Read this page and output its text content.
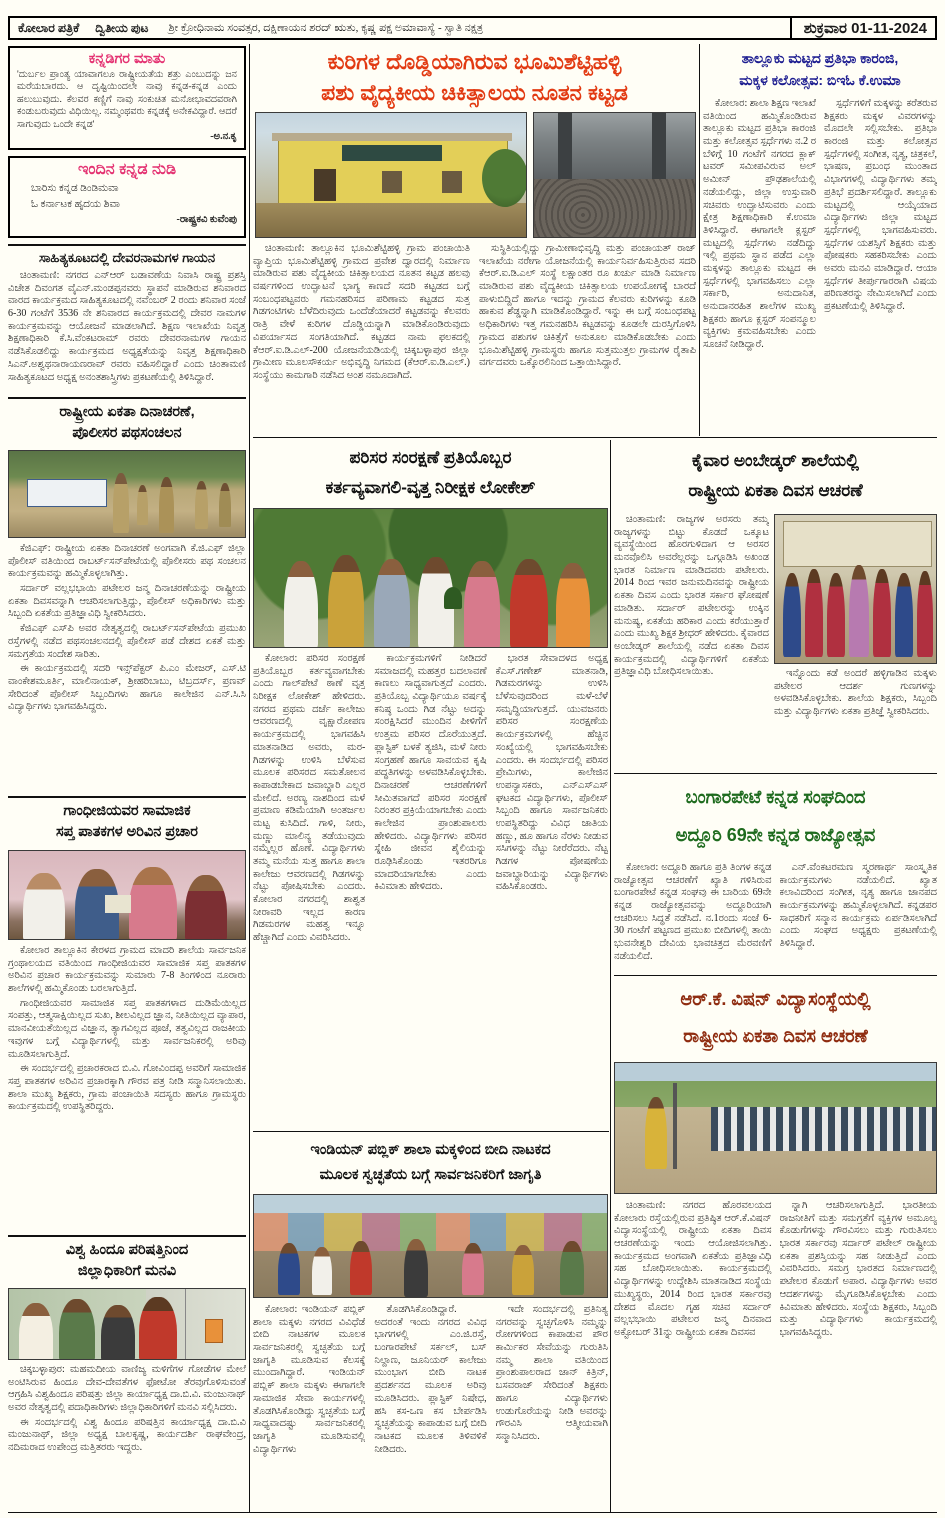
ಕೋಲಾರ ಪತ್ರಿಕೆ ದ್ವಿತೀಯ ಪುಟ ಶ್ರೀ ಕ್ರೋಧಿನಾಮ ಸಂವತ್ಸರ, ದಕ್ಷಿಣಾಯನ ಶರದ್ ಋತು, ಕೃಷ್ಣ ಪಕ್ಷ ಅಮಾವಾಸ್ಯೆ - ಸ್ವಾತಿ ನಕ್ಷತ್ರ	ಶುಕ್ರವಾರ 01-11-2024
ಕನ್ನಡಿಗರ ಮಾತು
'ದುರ್ಬಲ ಪ್ರಾಂತ್ಯ ಯಾವಾಗಲೂ ರಾಷ್ಟ್ರೀಯತೆಯ ಶತ್ರು ಎಂಬುದನ್ನು ಜನ ಮರೆಯಬಾರದು. ಆ ದೃಷ್ಟಿಯಿಂದಲೇ ನಾವು ಕನ್ನಡ-ಕನ್ನಡ ಎಂದು ಹಲುಬುವುದು. ಕೆಲವರ ಕಣ್ಣಿಗೆ ನಾವು ಸಂಕುಚಿತ ಮನೋಭಾವದವರಾಗಿ ಕಂಡುಬರುವುದು ವಿಧಿಯಿಲ್ಲ. ನಮ್ಮಂಥವರು ಕನ್ನಡಕ್ಕೆ ಅನೇಕವಿದ್ದಾರೆ. ಆದರೆ ಸಾಗುವುದು ಒಂದೇ ಕನ್ನಡ'
-ಅ.ನ.ಕೃ
ಇಂದಿನ ಕನ್ನಡ ನುಡಿ
ಬಾರಿಸು ಕನ್ನಡ ಡಿಂಡಿಮವಾ
ಓ ಕರ್ನಾಟಕ ಹೃದಯ ಶಿವಾ
-ರಾಷ್ಟ್ರಕವಿ ಕುವೆಂಪು
ಸಾಹಿತ್ಯಕೂಟದಲ್ಲಿ ದೇವರನಾಮಗಳ ಗಾಯನ

ಚಿಂತಾಮಣಿ: ನಗರದ ಎನ್‌ಆರ್ ಬಡಾವಣೆಯ ನಿವಾಸಿ ರಾಷ್ಟ್ರ ಪ್ರಶಸ್ತಿ ವಿಜೇತ ದಿವಂಗತ ವೈಎನ್.ಮಂಡಪ್ಪನವರು ಸ್ಥಾಪನೆ ಮಾಡಿರುವ ಶನಿವಾರದ ವಾರದ ಕಾರ್ಯಕ್ರಮದ ಸಾಹಿತ್ಯಕೂಟದಲ್ಲಿ ನವೆಂಬರ್ 2 ರಂದು ಶನಿವಾರ ಸಂಜೆ 6-30 ಗಂಟೆಗೆ 3536 ನೇ ಶನಿವಾರದ ಕಾರ್ಯಕ್ರಮದಲ್ಲಿ ದೇವರ ನಾಮಗಳ ಕಾರ್ಯಕ್ರಮವನ್ನು ಆಯೋಜನೆ ಮಾಡಲಾಗಿದೆ. ಶಿಕ್ಷಣ ಇಲಾಖೆಯ ನಿವೃತ್ತ ಶಿಕ್ಷಣಾಧಿಕಾರಿ ಕೆ.ಸಿ.ವೆಂಕಟರಾಮ್ ರವರು ದೇವರನಾಮಗಳ ಗಾಯನ ನಡೆಸಿಕೊಡಲಿದ್ದು ಕಾರ್ಯಕ್ರಮದ ಅಧ್ಯಕ್ಷತೆಯನ್ನು ನಿವೃತ್ತ ಶಿಕ್ಷಣಾಧಿಕಾರಿ ಸಿಎನ್.ಅಶ್ವಥನಾರಾಯಣರಾವ್ ರವರು ವಹಿಸಲಿದ್ದಾರೆ ಎಂದು ಚಿಂತಾಮಣಿ ಸಾಹಿತ್ಯಕೂಟದ ಅಧ್ಯಕ್ಷ ಅನಂತಶಾಸ್ತ್ರಿಗಳು ಪ್ರಕಟಣೆಯಲ್ಲಿ ತಿಳಿಸಿದ್ದಾರೆ.

ರಾಷ್ಟ್ರೀಯ ಏಕತಾ ದಿನಾಚರಣೆ,
ಪೊಲೀಸರ ಪಥಸಂಚಲನ

ಕೆಜಿಎಫ್: ರಾಷ್ಟ್ರೀಯ ಏಕತಾ ದಿನಾಚರಣೆ ಅಂಗವಾಗಿ ಕೆ.ಜಿ.ಎಫ್ ಜಿಲ್ಲಾ ಪೊಲೀಸ್ ವತಿಯಿಂದ ರಾಬರ್ಟ್‌ಸನ್‌ಪೇಟೆಯಲ್ಲಿ ಪೊಲೀಸರು ಪಥ ಸಂಚಲನ ಕಾರ್ಯಕ್ರಮವನ್ನು ಹಮ್ಮಿಕೊಳ್ಳಲಾಗಿತ್ತು.

ಸರ್ದಾರ್ ವಲ್ಲಭಭಾಯಿ ಪಟೇಲರ ಜನ್ಮ ದಿನಾಚರಣೆಯನ್ನು ರಾಷ್ಟ್ರೀಯ ಏಕತಾ ದಿವಸವನ್ನಾಗಿ ಆಚರಿಸಲಾಗುತ್ತಿದ್ದು, ಪೊಲೀಸ್ ಅಧಿಕಾರಿಗಳು ಮತ್ತು ಸಿಬ್ಬಂದಿ ಏಕತೆಯ ಪ್ರತಿಜ್ಞಾವಿಧಿ ಸ್ವೀಕರಿಸಿದರು.

ಕೆಜಿಎಫ್ ಎಸ್‌ಪಿ ಅವರ ನೇತೃತ್ವದಲ್ಲಿ ರಾಬರ್ಟ್‌ಸನ್‌ಪೇಟೆಯ ಪ್ರಮುಖ ರಸ್ತೆಗಳಲ್ಲಿ ನಡೆದ ಪಥಸಂಚಲನದಲ್ಲಿ ಪೊಲೀಸ್ ಪಡೆ ದೇಶದ ಏಕತೆ ಮತ್ತು ಸಮಗ್ರತೆಯ ಸಂದೇಶ ಸಾರಿತು.

ಈ ಕಾರ್ಯಕ್ರಮದಲ್ಲಿ ಸದರಿ ಇನ್ಸ್‌ಪೆಕ್ಟರ್ ಪಿ.ಎಂ ಮೇಜರ್, ಎಸ್.ಟಿ ವಾಂಕೇಶಮೂರ್ತಿ, ಮಾಲಿನಾಯಕ್, ಶ್ರೀಹರಿಬಾಬು, ಟಿಬ್ರದರ್ಸ್, ಪ್ರಣವ್ ಸೇರಿದಂತೆ ಪೊಲೀಸ್ ಸಿಬ್ಬಂದಿಗಳು ಹಾಗೂ ಕಾಲೇಜಿನ ಎನ್.ಸಿ.ಸಿ ವಿದ್ಯಾರ್ಥಿಗಳು ಭಾಗವಹಿಸಿದ್ದರು.

ಗಾಂಧೀಜಿಯವರ ಸಾಮಾಜಿಕ
ಸಪ್ತ ಪಾತಕಗಳ ಅರಿವಿನ ಪ್ರಚಾರ

ಕೋಲಾರ ತಾಲ್ಲೂಕಿನ ಕೇರಳದ ಗ್ರಾಮದ ಮಾದರಿ ಶಾಲೆಯ ಸಾರ್ವಜನಿಕ ಗ್ರಂಥಾಲಯದ ವತಿಯಿಂದ ಗಾಂಧೀಜಿಯವರ ಸಾಮಾಜಿಕ ಸಪ್ತ ಪಾತಕಗಳ ಅರಿವಿನ ಪ್ರಚಾರ ಕಾರ್ಯಕ್ರಮವನ್ನು ಸುಮಾರು 7-8 ತಿಂಗಳಿಂದ ನೂರಾರು ಶಾಲೆಗಳಲ್ಲಿ ಹಮ್ಮಿಕೊಂಡು ಬರಲಾಗುತ್ತಿದೆ.

ಗಾಂಧೀಜಿಯವರ ಸಾಮಾಜಿಕ ಸಪ್ತ ಪಾತಕಗಳಾದ ದುಡಿಮೆಯಿಲ್ಲದ ಸಂಪತ್ತು, ಆತ್ಮಸಾಕ್ಷಿಯಿಲ್ಲದ ಸುಖ, ಶೀಲವಿಲ್ಲದ ಜ್ಞಾನ, ನೀತಿಯಿಲ್ಲದ ವ್ಯಾಪಾರ, ಮಾನವೀಯತೆಯಿಲ್ಲದ ವಿಜ್ಞಾನ, ತ್ಯಾಗವಿಲ್ಲದ ಪೂಜೆ, ತತ್ವವಿಲ್ಲದ ರಾಜಕೀಯ ಇವುಗಳ ಬಗ್ಗೆ ವಿದ್ಯಾರ್ಥಿಗಳಲ್ಲಿ ಮತ್ತು ಸಾರ್ವಜನಿಕರಲ್ಲಿ ಅರಿವು ಮೂಡಿಸಲಾಗುತ್ತಿದೆ.

ಈ ಸಂದರ್ಭದಲ್ಲಿ ಪ್ರಚಾರಕರಾದ ಬಿ.ವಿ. ಗೋವಿಂದಪ್ಪ ಅವರಿಗೆ ಸಾಮಾಜಿಕ ಸಪ್ತ ಪಾತಕಗಳ ಅರಿವಿನ ಪ್ರಚಾರಕ್ಕಾಗಿ ಗೌರವ ಪತ್ರ ನೀಡಿ ಸನ್ಮಾನಿಸಲಾಯಿತು. ಶಾಲಾ ಮುಖ್ಯ ಶಿಕ್ಷಕರು, ಗ್ರಾಮ ಪಂಚಾಯಿತಿ ಸದಸ್ಯರು ಹಾಗೂ ಗ್ರಾಮಸ್ಥರು ಕಾರ್ಯಕ್ರಮದಲ್ಲಿ ಉಪಸ್ಥಿತರಿದ್ದರು.

ವಿಶ್ವ ಹಿಂದೂ ಪರಿಷತ್ತಿನಿಂದ
ಜಿಲ್ಲಾಧಿಕಾರಿಗೆ ಮನವಿ

ಚಿಕ್ಕಬಳ್ಳಾಪುರ: ಮಹಮದೀಯ ವಾಣಿಜ್ಯ ಮಳಿಗೆಗಳ ಗೋಡೆಗಳ ಮೇಲೆ ಅಂಟಿಸಿರುವ ಹಿಂದೂ ದೇವ-ದೇವತೆಗಳ ಫೋಟೋ ತೆರವುಗೊಳಿಸುವಂತೆ ಆಗ್ರಹಿಸಿ ವಿಶ್ವಹಿಂದೂ ಪರಿಷತ್ತು ಜಿಲ್ಲಾ ಕಾರ್ಯಾಧ್ಯಕ್ಷ ದಾ.ಬಿ.ವಿ. ಮಂಜುನಾಥ್ ಅವರ ನೇತೃತ್ವದಲ್ಲಿ ಪದಾಧಿಕಾರಿಗಳು ಜಿಲ್ಲಾಧಿಕಾರಿಗಳಿಗೆ ಮನವಿ ಸಲ್ಲಿಸಿದರು.

ಈ ಸಂದರ್ಭದಲ್ಲಿ ವಿಶ್ವ ಹಿಂದೂ ಪರಿಷತ್ತಿನ ಕಾರ್ಯಾಧ್ಯಕ್ಷ ದಾ.ಬಿ.ವಿ ಮಂಜುನಾಥ್, ಜಿಲ್ಲಾ ಅಧ್ಯಕ್ಷ ಬಾಲಕೃಷ್ಣ, ಕಾರ್ಯದರ್ಶಿ ರಾಘವೇಂದ್ರ, ನದಿಮರಾದ ಉಪೇಂದ್ರ ಮತ್ತಿತರರು ಇದ್ದರು.

ಕುರಿಗಳ ದೊಡ್ಡಿಯಾಗಿರುವ ಭೂಮಿಶೆಟ್ಟಿಹಳ್ಳಿ
ಪಶು ವೈದ್ಯಕೀಯ ಚಿಕಿತ್ಸಾಲಯ ನೂತನ ಕಟ್ಟಡ
ಚಿಂತಾಮಣಿ: ತಾಲ್ಲೂಕಿನ ಭೂಮಿಶೆಟ್ಟಿಹಳ್ಳಿ ಗ್ರಾಮ ಪಂಚಾಯಿತಿ ವ್ಯಾಪ್ತಿಯ ಭೂಮಿಶೆಟ್ಟಿಹಳ್ಳಿ ಗ್ರಾಮದ ಪ್ರವೇಶ ದ್ವಾರದಲ್ಲಿ ನಿರ್ಮಾಣ ಮಾಡಿರುವ ಪಶು ವೈದ್ಯಕೀಯ ಚಿಕಿತ್ಸಾಲಯದ ನೂತನ ಕಟ್ಟಡ ಹಲವು ವರ್ಷಗಳಿಂದ ಉದ್ಘಾಟನೆ ಭಾಗ್ಯ ಕಾಣದೆ ಸದರಿ ಕಟ್ಟಡದ ಬಗ್ಗೆ ಸಂಬಂಧಪಟ್ಟವರು ಗಮನಹರಿಸದ ಪರಿಣಾಮ ಕಟ್ಟಡದ ಸುತ್ತ ಗಿಡಗಂಟಿಗಳು ಬೆಳೆದಿರುವುದು ಒಂದೆಡೆಯಾದರೆ ಕಟ್ಟಡವನ್ನು ಕೆಲವರು ರಾತ್ರಿ ವೇಳೆ ಕುರಿಗಳ ದೊಡ್ಡಿಯನ್ನಾಗಿ ಮಾಡಿಕೊಂಡಿರುವುದು ವಿಪರ್ಯಾಸದ ಸಂಗತಿಯಾಗಿದೆ. ಕಟ್ಟಡದ ನಾಮ ಫಲಕದಲ್ಲಿ ಕೆಆರ್.ಐ.ಡಿ.ಎಲ್-200 ಯೋಜನೆಯಡಿಯಲ್ಲಿ ಚಿಕ್ಕಬಳ್ಳಾಪುರ ಜಿಲ್ಲಾ ಗ್ರಾಮೀಣ ಮೂಲಸೌಕರ್ಯ ಅಭಿವೃದ್ಧಿ ನಿಗಮದ (ಕೆಆರ್.ಐ.ಡಿ.ಎಲ್.) ಸಂಸ್ಥೆಯು ಕಾಮಗಾರಿ ನಡೆಸಿದ ಅಂಶ ನಮೂದಾಗಿದೆ.
ಸುಸ್ಥಿತಿಯಲ್ಲಿದ್ದು ಗ್ರಾಮೀಣಾಭಿವೃದ್ಧಿ ಮತ್ತು ಪಂಚಾಯತ್ ರಾಜ್ ಇಲಾಖೆಯ ನರೇಗಾ ಯೋಜನೆಯಲ್ಲಿ ಕಾರ್ಯನಿರ್ವಹಿಸುತ್ತಿರುವ ಸದರಿ ಕೆಆರ್.ಐ.ಡಿ.ಎಲ್ ಸಂಸ್ಥೆ ಲಕ್ಷಾಂತರ ರೂ ಖರ್ಚು ಮಾಡಿ ನಿರ್ಮಾಣ ಮಾಡಿರುವ ಪಶು ವೈದ್ಯಕೀಯ ಚಿಕಿತ್ಸಾಲಯ ಉಪಯೋಗಕ್ಕೆ ಬಾರದೆ ಪಾಳುಬಿದ್ದಿದೆ ಹಾಗೂ ಇದನ್ನು ಗ್ರಾಮದ ಕೆಲವರು ಕುರಿಗಳನ್ನು ಕೂಡಿ ಹಾಕುವ ಶೆಡ್ಡನ್ನಾಗಿ ಮಾಡಿಕೊಂಡಿದ್ದಾರೆ. ಇನ್ನು ಈ ಬಗ್ಗೆ ಸಂಬಂಧಪಟ್ಟ ಅಧಿಕಾರಿಗಳು ಇತ್ತ ಗಮನಹರಿಸಿ ಕಟ್ಟಡವನ್ನು ಕೂಡಲೇ ದುರಸ್ತಿಗೊಳಿಸಿ ಗ್ರಾಮದ ಪಶುಗಳ ಚಿಕಿತ್ಸೆಗೆ ಅನುಕೂಲ ಮಾಡಿಕೊಡಬೇಕು ಎಂದು ಭೂಮಿಶೆಟ್ಟಿಹಳ್ಳಿ ಗ್ರಾಮಸ್ಥರು ಹಾಗೂ ಸುತ್ತಮುತ್ತಲ ಗ್ರಾಮಗಳ ರೈತಾಪಿ ವರ್ಗದವರು ಒಕ್ಕೊರಲಿನಿಂದ ಒತ್ತಾಯಿಸಿದ್ದಾರೆ.
ತಾಲ್ಲೂಕು ಮಟ್ಟದ ಪ್ರತಿಭಾ ಕಾರಂಜಿ,
ಮಕ್ಕಳ ಕಲೋತ್ಸವ: ಬಿಇಓ ಕೆ.ಉಮಾ
ಕೋಲಾರ: ಶಾಲಾ ಶಿಕ್ಷಣ ಇಲಾಖೆ ವತಿಯಿಂದ ಹಮ್ಮಿಕೊಂಡಿರುವ ತಾಲ್ಲೂಕು ಮಟ್ಟದ ಪ್ರತಿಭಾ ಕಾರಂಜಿ ಮತ್ತು ಕಲೋತ್ಸವ ಸ್ಪರ್ಧೆಗಳು ನ.2 ರ ಬೆಳಿಗ್ಗೆ 10 ಗಂಟೆಗೆ ನಗರದ ಕ್ಲಾಕ್ ಟವರ್ ಸಮೀಪವಿರುವ ಅಲ್ ಅಮೀನ್ ಪ್ರೌಢಶಾಲೆಯಲ್ಲಿ ನಡೆಯಲಿದ್ದು, ಜಿಲ್ಲಾ ಉಸ್ತುವಾರಿ ಸಚಿವರು ಉದ್ಘಾಟಿಸುವರು ಎಂದು ಕ್ಷೇತ್ರ ಶಿಕ್ಷಣಾಧಿಕಾರಿ ಕೆ.ಉಮಾ ತಿಳಿಸಿದ್ದಾರೆ. ಈಗಾಗಲೇ ಕ್ಲಸ್ಟರ್ ಮಟ್ಟದಲ್ಲಿ ಸ್ಪರ್ಧೆಗಳು ನಡೆದಿದ್ದು ಇಲ್ಲಿ ಪ್ರಥಮ ಸ್ಥಾನ ಪಡೆದ ಎಲ್ಲಾ ಮಕ್ಕಳನ್ನು ತಾಲ್ಲೂಕು ಮಟ್ಟದ ಈ ಸ್ಪರ್ಧೆಗಳಲ್ಲಿ ಭಾಗವಹಿಸಲು ಎಲ್ಲಾ ಸರ್ಕಾರಿ, ಅನುದಾನಿತ, ಅನುದಾನರಹಿತ ಶಾಲೆಗಳ ಮುಖ್ಯ ಶಿಕ್ಷಕರು ಹಾಗೂ ಕ್ಲಸ್ಟರ್ ಸಂಪನ್ಮೂಲ ವ್ಯಕ್ತಿಗಳು ಕ್ರಮವಹಿಸಬೇಕು ಎಂದು ಸೂಚನೆ ನೀಡಿದ್ದಾರೆ.
ಸ್ಪರ್ಧೆಗಳಿಗೆ ಮಕ್ಕಳನ್ನು ಕರೆತರುವ ಶಿಕ್ಷಕರು ಮಕ್ಕಳ ವಿವರಗಳನ್ನು ಮೊದಲೇ ಸಲ್ಲಿಸಬೇಕು. ಪ್ರತಿಭಾ ಕಾರಂಜಿ ಮತ್ತು ಕಲೋತ್ಸವ ಸ್ಪರ್ಧೆಗಳಲ್ಲಿ ಸಂಗೀತ, ನೃತ್ಯ, ಚಿತ್ರಕಲೆ, ಭಾಷಣ, ಪ್ರಬಂಧ ಮುಂತಾದ ವಿಭಾಗಗಳಲ್ಲಿ ವಿದ್ಯಾರ್ಥಿಗಳು ತಮ್ಮ ಪ್ರತಿಭೆ ಪ್ರದರ್ಶಿಸಲಿದ್ದಾರೆ. ತಾಲ್ಲೂಕು ಮಟ್ಟದಲ್ಲಿ ಆಯ್ಕೆಯಾದ ವಿದ್ಯಾರ್ಥಿಗಳು ಜಿಲ್ಲಾ ಮಟ್ಟದ ಸ್ಪರ್ಧೆಗಳಲ್ಲಿ ಭಾಗವಹಿಸುವರು. ಸ್ಪರ್ಧೆಗಳ ಯಶಸ್ಸಿಗೆ ಶಿಕ್ಷಕರು ಮತ್ತು ಪೋಷಕರು ಸಹಕರಿಸಬೇಕು ಎಂದು ಅವರು ಮನವಿ ಮಾಡಿದ್ದಾರೆ. ಆಯಾ ಸ್ಪರ್ಧೆಗಳ ತೀರ್ಪುಗಾರರಾಗಿ ವಿಷಯ ಪರಿಣತರನ್ನು ನೇಮಿಸಲಾಗಿದೆ ಎಂದು ಪ್ರಕಟಣೆಯಲ್ಲಿ ತಿಳಿಸಿದ್ದಾರೆ.
ಪರಿಸರ ಸಂರಕ್ಷಣೆ ಪ್ರತಿಯೊಬ್ಬರ
ಕರ್ತವ್ಯವಾಗಲಿ-ವೃತ್ತ ನಿರೀಕ್ಷಕ ಲೋಕೇಶ್
ಕೋಲಾರ: ಪರಿಸರ ಸಂರಕ್ಷಣೆ ಪ್ರತಿಯೊಬ್ಬರ ಕರ್ತವ್ಯವಾಗಬೇಕು ಎಂದು ಗಾಲ್‌ಪೇಟೆ ಠಾಣೆ ವೃತ್ತ ನಿರೀಕ್ಷಕ ಲೋಕೇಶ್ ಹೇಳಿದರು. ನಗರದ ಪ್ರಥಮ ದರ್ಜೆ ಕಾಲೇಜು ಆವರಣದಲ್ಲಿ ವೃಕ್ಷಾರೋಪಣ ಕಾರ್ಯಕ್ರಮದಲ್ಲಿ ಭಾಗವಹಿಸಿ ಮಾತನಾಡಿದ ಅವರು, ಮರ-ಗಿಡಗಳನ್ನು ಉಳಿಸಿ ಬೆಳೆಸುವ ಮೂಲಕ ಪರಿಸರದ ಸಮತೋಲನ ಕಾಪಾಡಬೇಕಾದ ಜವಾಬ್ದಾರಿ ಎಲ್ಲರ ಮೇಲಿದೆ. ಅರಣ್ಯ ನಾಶದಿಂದ ಮಳೆ ಪ್ರಮಾಣ ಕಡಿಮೆಯಾಗಿ ಅಂತರ್ಜಲ ಮಟ್ಟ ಕುಸಿದಿದೆ. ಗಾಳಿ, ನೀರು, ಮಣ್ಣು ಮಾಲಿನ್ಯ ತಡೆಯುವುದು ನಮ್ಮೆಲ್ಲರ ಹೊಣೆ. ವಿದ್ಯಾರ್ಥಿಗಳು ತಮ್ಮ ಮನೆಯ ಸುತ್ತ ಹಾಗೂ ಶಾಲಾ ಕಾಲೇಜು ಆವರಣದಲ್ಲಿ ಗಿಡಗಳನ್ನು ನೆಟ್ಟು ಪೋಷಿಸಬೇಕು ಎಂದರು. ಕೋಲಾರ ನಗರದಲ್ಲಿ ಶಾಶ್ವತ ನೀರಾವರಿ ಇಲ್ಲದ ಕಾರಣ ಗಿಡಮರಗಳ ಮಹತ್ವ ಇನ್ನೂ ಹೆಚ್ಚಾಗಿದೆ ಎಂದು ವಿವರಿಸಿದರು.
ಕಾರ್ಯಕ್ರಮಗಳಿಗೆ ನೀಡಿದರೆ ಸಮಾಜದಲ್ಲಿ ಮಹತ್ತರ ಬದಲಾವಣೆ ಕಾಣಲು ಸಾಧ್ಯವಾಗುತ್ತದೆ ಎಂದರು. ಪ್ರತಿಯೊಬ್ಬ ವಿದ್ಯಾರ್ಥಿಯೂ ವರ್ಷಕ್ಕೆ ಕನಿಷ್ಠ ಒಂದು ಗಿಡ ನೆಟ್ಟು ಅದನ್ನು ಸಂರಕ್ಷಿಸಿದರೆ ಮುಂದಿನ ಪೀಳಿಗೆಗೆ ಉತ್ತಮ ಪರಿಸರ ದೊರೆಯುತ್ತದೆ. ಪ್ಲಾಸ್ಟಿಕ್ ಬಳಕೆ ತ್ಯಜಿಸಿ, ಮಳೆ ನೀರು ಸಂಗ್ರಹಣೆ ಹಾಗೂ ಸಾವಯವ ಕೃಷಿ ಪದ್ಧತಿಗಳನ್ನು ಅಳವಡಿಸಿಕೊಳ್ಳಬೇಕು. ದಿನಾಚರಣೆ ಆಚರಣೆಗಳಿಗೆ ಸೀಮಿತವಾಗದೆ ಪರಿಸರ ಸಂರಕ್ಷಣೆ ನಿರಂತರ ಪ್ರಕ್ರಿಯೆಯಾಗಬೇಕು ಎಂದು ಕಾಲೇಜಿನ ಪ್ರಾಂಶುಪಾಲರು ಹೇಳಿದರು. ವಿದ್ಯಾರ್ಥಿಗಳು ಪರಿಸರ ಸ್ನೇಹಿ ಜೀವನ ಶೈಲಿಯನ್ನು ರೂಢಿಸಿಕೊಂಡು ಇತರರಿಗೂ ಮಾದರಿಯಾಗಬೇಕು ಎಂದು ಕಿವಿಮಾತು ಹೇಳಿದರು.
ಭಾರತ ಸೇವಾದಳದ ಅಧ್ಯಕ್ಷ ಕೆಎಸ್.ಗಣೇಶ್ ಮಾತನಾಡಿ, ಗಿಡಮರಗಳನ್ನು ಉಳಿಸಿ ಬೆಳೆಸುವುದರಿಂದ ಮಳೆ-ಬೆಳೆ ಸಮೃದ್ಧಿಯಾಗುತ್ತದೆ. ಯುವಜನರು ಪರಿಸರ ಸಂರಕ್ಷಣೆಯ ಕಾರ್ಯಕ್ರಮಗಳಲ್ಲಿ ಹೆಚ್ಚಿನ ಸಂಖ್ಯೆಯಲ್ಲಿ ಭಾಗವಹಿಸಬೇಕು ಎಂದರು. ಈ ಸಂದರ್ಭದಲ್ಲಿ ಪರಿಸರ ಪ್ರೇಮಿಗಳು, ಕಾಲೇಜಿನ ಉಪನ್ಯಾಸಕರು, ಎನ್‌ಎಸ್‌ಎಸ್ ಘಟಕದ ವಿದ್ಯಾರ್ಥಿಗಳು, ಪೊಲೀಸ್ ಸಿಬ್ಬಂದಿ ಹಾಗೂ ಸಾರ್ವಜನಿಕರು ಉಪಸ್ಥಿತರಿದ್ದು ವಿವಿಧ ಜಾತಿಯ ಹಣ್ಣು, ಹೂ ಹಾಗೂ ನೆರಳು ನೀಡುವ ಸಸಿಗಳನ್ನು ನೆಟ್ಟು ನೀರೆರೆದರು. ನೆಟ್ಟ ಗಿಡಗಳ ಪೋಷಣೆಯ ಜವಾಬ್ದಾರಿಯನ್ನು ವಿದ್ಯಾರ್ಥಿಗಳು ವಹಿಸಿಕೊಂಡರು.
ಇಂಡಿಯನ್ ಪಬ್ಲಿಕ್ ಶಾಲಾ ಮಕ್ಕಳಿಂದ ಬೀದಿ ನಾಟಕದ
ಮೂಲಕ ಸ್ವಚ್ಛತೆಯ ಬಗ್ಗೆ ಸಾರ್ವಜನಿಕರಿಗೆ ಜಾಗೃತಿ
ಕೋಲಾರ: ಇಂಡಿಯನ್ ಪಬ್ಲಿಕ್ ಶಾಲಾ ಮಕ್ಕಳು ನಗರದ ವಿವಿಧೆಡೆ ಬೀದಿ ನಾಟಕಗಳ ಮೂಲಕ ಸಾರ್ವಜನಿಕರಲ್ಲಿ ಸ್ವಚ್ಛತೆಯ ಬಗ್ಗೆ ಜಾಗೃತಿ ಮೂಡಿಸುವ ಕೆಲಸಕ್ಕೆ ಮುಂದಾಗಿದ್ದಾರೆ. ಇಂಡಿಯನ್ ಪಬ್ಲಿಕ್ ಶಾಲಾ ಮಕ್ಕಳು ಈಗಾಗಲೇ ಸಾಮಾಜಿಕ ಸೇವಾ ಕಾರ್ಯಗಳಲ್ಲಿ ತೊಡಗಿಸಿಕೊಂಡಿದ್ದು ಸ್ವಚ್ಛತೆಯ ಬಗ್ಗೆ ಸಾಧ್ಯವಾದಷ್ಟು ಸಾರ್ವಜನಿಕರಲ್ಲಿ ಜಾಗೃತಿ ಮೂಡಿಸುವಲ್ಲಿ ವಿದ್ಯಾರ್ಥಿಗಳು
ತೊಡಗಿಸಿಕೊಂಡಿದ್ದಾರೆ. ಅದರಂತೆ ಇಂದು ನಗರದ ವಿವಿಧ ಭಾಗಗಳಲ್ಲಿ ಎಂ.ಜಿ.ರಸ್ತೆ, ಬಂಗಾರಪೇಟೆ ಸರ್ಕಲ್, ಬಸ್ ನಿಲ್ದಾಣ, ಜೂನಿಯರ್ ಕಾಲೇಜು ಮುಂಭಾಗ ಬೀದಿ ನಾಟಕ ಪ್ರದರ್ಶನದ ಮೂಲಕ ಅರಿವು ಮೂಡಿಸಿದರು. ಪ್ಲಾಸ್ಟಿಕ್ ನಿಷೇಧ, ಹಸಿ ಕಸ-ಒಣ ಕಸ ಬೇರ್ಪಡಿಸಿ ಸ್ವಚ್ಛತೆಯನ್ನು ಕಾಪಾಡುವ ಬಗ್ಗೆ ಬೀದಿ ನಾಟಕದ ಮೂಲಕ ತಿಳಿವಳಿಕೆ ನೀಡಿದರು.
ಇದೇ ಸಂದರ್ಭದಲ್ಲಿ ಪ್ರತಿನಿತ್ಯ ನಗರವನ್ನು ಸ್ವಚ್ಛಗೊಳಿಸಿ ನಮ್ಮನ್ನು ರೋಗಗಳಿಂದ ಕಾಪಾಡುವ ಪೌರ ಕಾರ್ಮಿಕರ ಸೇವೆಯನ್ನು ಗುರುತಿಸಿ ನಮ್ಮ ಶಾಲಾ ವತಿಯಿಂದ ಪ್ರಾಂಶುಪಾಲರಾದ ಜಾನ್ ಕಿತ್ರಿನ್, ಬಸವರಾಜ್ ಸೇರಿದಂತೆ ಶಿಕ್ಷಕರು ಹಾಗೂ ವಿದ್ಯಾರ್ಥಿಗಳು ಉಡುಗೊರೆಯನ್ನು ನೀಡಿ ಅವರನ್ನು ಗೌರವಿಸಿ ಆತ್ಮೀಯವಾಗಿ ಸನ್ಮಾನಿಸಿದರು.
ಕೈವಾರ ಅಂಬೇಡ್ಕರ್ ಶಾಲೆಯಲ್ಲಿ
ರಾಷ್ಟ್ರೀಯ ಏಕತಾ ದಿವಸ ಆಚರಣೆ
ಚಿಂತಾಮಣಿ: ರಾಜ್ಯಗಳ ಅರಸರು ತಮ್ಮ ರಾಜ್ಯಗಳನ್ನು ಬಿಟ್ಟು ಕೊಡದೆ ಒಕ್ಕೂಟ ವ್ಯವಸ್ಥೆಯಿಂದ ಹೊರಗುಳಿದಾಗ ಆ ಅರಸರ ಮನವೊಲಿಸಿ ಅವರೆಲ್ಲರನ್ನು ಒಗ್ಗೂಡಿಸಿ ಅಖಂಡ ಭಾರತ ನಿರ್ಮಾಣ ಮಾಡಿದವರು ಪಟೇಲರು. 2014 ರಿಂದ ಇವರ ಜನುಮದಿನವನ್ನು ರಾಷ್ಟ್ರೀಯ ಏಕತಾ ದಿವಸ ಎಂದು ಭಾರತ ಸರ್ಕಾರ ಘೋಷಣೆ ಮಾಡಿತು. ಸರ್ದಾರ್ ಪಟೇಲರನ್ನು ಉಕ್ಕಿನ ಮನುಷ್ಯ, ಏಕತೆಯ ಹರಿಕಾರ ಎಂದು ಕರೆಯುತ್ತಾರೆ ಎಂದು ಮುಖ್ಯ ಶಿಕ್ಷಕ ಶ್ರೀಧರ್ ಹೇಳಿದರು. ಕೈವಾರದ ಅಂಬೇಡ್ಕರ್ ಶಾಲೆಯಲ್ಲಿ ನಡೆದ ಏಕತಾ ದಿವಸ ಕಾರ್ಯಕ್ರಮದಲ್ಲಿ ವಿದ್ಯಾರ್ಥಿಗಳಿಗೆ ಏಕತೆಯ ಪ್ರತಿಜ್ಞಾವಿಧಿ ಬೋಧಿಸಲಾಯಿತು.	ಇನ್ನೊಂದು ಕಡೆ ಅಂದರೆ ಹಳ್ಳಿಗಾಡಿನ ಮಕ್ಕಳು ಪಟೇಲರ ಆದರ್ಶ ಗುಣಗಳನ್ನು ಅಳವಡಿಸಿಕೊಳ್ಳಬೇಕು. ಶಾಲೆಯ ಶಿಕ್ಷಕರು, ಸಿಬ್ಬಂದಿ ಮತ್ತು ವಿದ್ಯಾರ್ಥಿಗಳು ಏಕತಾ ಪ್ರತಿಜ್ಞೆ ಸ್ವೀಕರಿಸಿದರು.
ಬಂಗಾರಪೇಟೆ ಕನ್ನಡ ಸಂಘದಿಂದ
ಅದ್ದೂರಿ 69ನೇ ಕನ್ನಡ ರಾಜ್ಯೋತ್ಸವ
ಕೋಲಾರ: ಅದ್ದೂರಿ ಹಾಗೂ ಪ್ರತಿ ತಿಂಗಳ ಕನ್ನಡ ರಾಜ್ಯೋತ್ಸವ ಆಚರಣೆಗೆ ಖ್ಯಾತಿ ಗಳಿಸಿರುವ ಬಂಗಾರಪೇಟೆ ಕನ್ನಡ ಸಂಘವು ಈ ಬಾರಿಯ 69ನೇ ಕನ್ನಡ ರಾಜ್ಯೋತ್ಸವವನ್ನು ಅದ್ದೂರಿಯಾಗಿ ಆಚರಿಸಲು ಸಿದ್ಧತೆ ನಡೆಸಿದೆ. ನ.1ರಂದು ಸಂಜೆ 6-30 ಗಂಟೆಗೆ ಪಟ್ಟಣದ ಪ್ರಮುಖ ಬೀದಿಗಳಲ್ಲಿ ತಾಯಿ ಭುವನೇಶ್ವರಿ ದೇವಿಯ ಭಾವಚಿತ್ರದ ಮೆರವಣಿಗೆ ನಡೆಯಲಿದೆ.
ಎನ್.ವೆಂಕಟರಮಣ ಸ್ಮರಣಾರ್ಥ ಸಾಂಸ್ಕೃತಿಕ ಕಾರ್ಯಕ್ರಮಗಳು ನಡೆಯಲಿದೆ. ಖ್ಯಾತ ಕಲಾವಿದರಿಂದ ಸಂಗೀತ, ನೃತ್ಯ ಹಾಗೂ ಜಾನಪದ ಕಾರ್ಯಕ್ರಮಗಳನ್ನು ಹಮ್ಮಿಕೊಳ್ಳಲಾಗಿದೆ. ಕನ್ನಡಪರ ಸಾಧಕರಿಗೆ ಸನ್ಮಾನ ಕಾರ್ಯಕ್ರಮ ಏರ್ಪಡಿಸಲಾಗಿದೆ ಎಂದು ಸಂಘದ ಅಧ್ಯಕ್ಷರು ಪ್ರಕಟಣೆಯಲ್ಲಿ ತಿಳಿಸಿದ್ದಾರೆ.
ಆರ್.ಕೆ. ವಿಷನ್ ವಿದ್ಯಾಸಂಸ್ಥೆಯಲ್ಲಿ
ರಾಷ್ಟ್ರೀಯ ಏಕತಾ ದಿವಸ ಆಚರಣೆ
ಚಿಂತಾಮಣಿ: ನಗರದ ಹೊರವಲಯದ ಕೋಲಾರು ರಸ್ತೆಯಲ್ಲಿರುವ ಪ್ರತಿಷ್ಠಿತ ಆರ್.ಕೆ.ವಿಷನ್ ವಿದ್ಯಾಸಂಸ್ಥೆಯಲ್ಲಿ ರಾಷ್ಟ್ರೀಯ ಏಕತಾ ದಿವಸ ಆಚರಣೆಯನ್ನು ಇಂದು ಆಯೋಜಿಸಲಾಗಿತ್ತು. ಕಾರ್ಯಕ್ರಮದ ಅಂಗವಾಗಿ ಏಕತೆಯ ಪ್ರತಿಜ್ಞಾವಿಧಿ ಸಹ ಬೋಧಿಸಲಾಯಿತು. ಕಾರ್ಯಕ್ರಮದಲ್ಲಿ ವಿದ್ಯಾರ್ಥಿಗಳನ್ನು ಉದ್ದೇಶಿಸಿ ಮಾತನಾಡಿದ ಸಂಸ್ಥೆಯ ಮುಖ್ಯಸ್ಥರು, 2014 ರಿಂದ ಭಾರತ ಸರ್ಕಾರವು ದೇಶದ ಮೊದಲ ಗೃಹ ಸಚಿವ ಸರ್ದಾರ್ ವಲ್ಲಭಭಾಯಿ ಪಟೇಲರ ಜನ್ಮ ದಿನವಾದ ಅಕ್ಟೋಬರ್ 31ನ್ನು ರಾಷ್ಟ್ರೀಯ ಏಕತಾ ದಿವಸವ
ನ್ನಾಗಿ ಆಚರಿಸಲಾಗುತ್ತಿದೆ. ಭಾರತೀಯ ರಾಜನೀತಿಗೆ ಮತ್ತು ಸಮಗ್ರತೆಗೆ ವ್ಯಕ್ತಿಗಳ ಅಮೂಲ್ಯ ಕೊಡುಗೆಗಳನ್ನು ಗೌರವಿಸಲು ಮತ್ತು ಗುರುತಿಸಲು ಭಾರತ ಸರ್ಕಾರವು ಸರ್ದಾರ್ ಪಟೇಲ್ ರಾಷ್ಟ್ರೀಯ ಏಕತಾ ಪ್ರಶಸ್ತಿಯನ್ನು ಸಹ ನೀಡುತ್ತಿದೆ ಎಂದು ವಿವರಿಸಿದರು. ಸಮಗ್ರ ಭಾರತದ ನಿರ್ಮಾಣದಲ್ಲಿ ಪಟೇಲರ ಕೊಡುಗೆ ಅಪಾರ. ವಿದ್ಯಾರ್ಥಿಗಳು ಅವರ ಆದರ್ಶಗಳನ್ನು ಮೈಗೂಡಿಸಿಕೊಳ್ಳಬೇಕು ಎಂದು ಕಿವಿಮಾತು ಹೇಳಿದರು. ಸಂಸ್ಥೆಯ ಶಿಕ್ಷಕರು, ಸಿಬ್ಬಂದಿ ಮತ್ತು ವಿದ್ಯಾರ್ಥಿಗಳು ಕಾರ್ಯಕ್ರಮದಲ್ಲಿ ಭಾಗವಹಿಸಿದ್ದರು.
